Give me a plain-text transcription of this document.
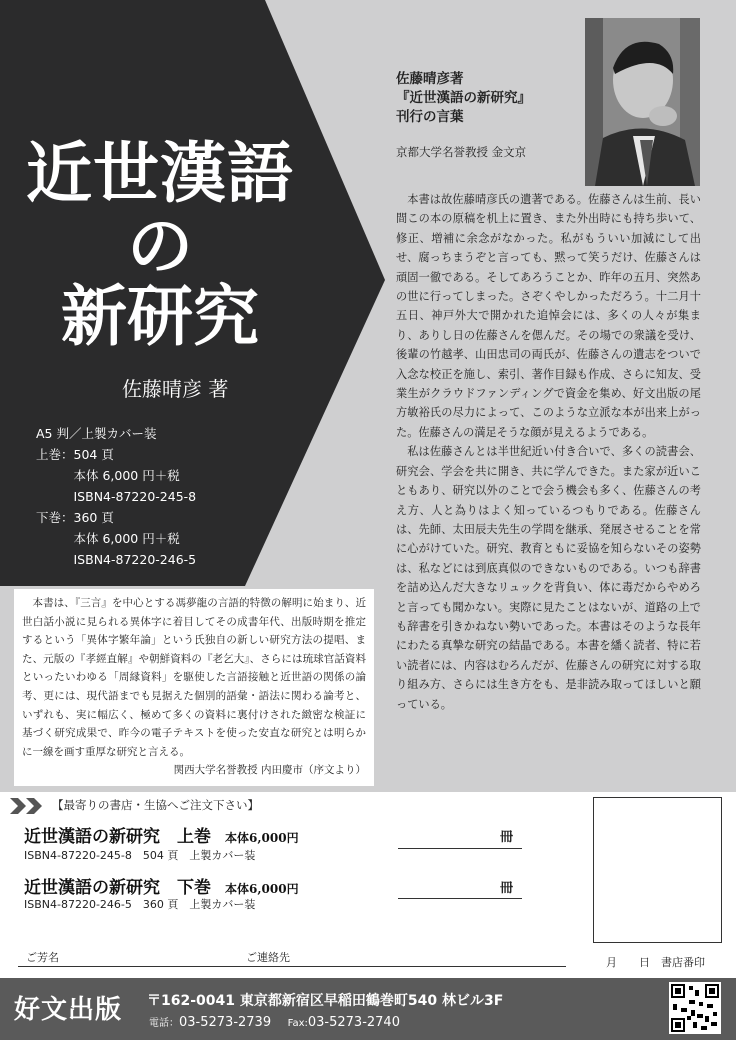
近世漢語
の
新研究
佐藤晴彦 著
A5 判／上製カバー装
上巻：504 頁
　　　本体 6,000 円＋税
　　　ISBN4-87220-245-8
下巻：360 頁
　　　本体 6,000 円＋税
　　　ISBN4-87220-246-5
佐藤晴彦著
『近世漢語の新研究』
刊行の言葉
京都大学名誉教授 金文京

本書は故佐藤晴彦氏の遺著である。佐藤さんは生前、長い間この本の原稿を机上に置き、また外出時にも持ち歩いて、修正、増補に余念がなかった。私がもういい加減にして出せ、腐っちまうぞと言っても、黙って笑うだけ、佐藤さんは頑固一徹である。そしてあろうことか、昨年の五月、突然あの世に行ってしまった。さぞくやしかっただろう。十二月十五日、神戸外大で開かれた追悼会には、多くの人々が集まり、ありし日の佐藤さんを偲んだ。その場での衆議を受け、後輩の竹越孝、山田忠司の両氏が、佐藤さんの遺志をついで入念な校正を施し、索引、著作目録も作成、さらに知友、受業生がクラウドファンディングで資金を集め、好文出版の尾方敏裕氏の尽力によって、このような立派な本が出来上がった。佐藤さんの満足そうな顔が見えるようである。

私は佐藤さんとは半世紀近い付き合いで、多くの読書会、研究会、学会を共に開き、共に学んできた。また家が近いこともあり、研究以外のことで会う機会も多く、佐藤さんの考え方、人と為りはよく知っているつもりである。佐藤さんは、先師、太田辰夫先生の学問を継承、発展させることを常に心がけていた。研究、教育ともに妥協を知らないその姿勢は、私などには到底真似のできないものである。いつも辞書を詰め込んだ大きなリュックを背負い、体に毒だからやめろと言っても聞かない。実際に見たことはないが、道路の上でも辞書を引きかねない勢いであった。本書はそのような長年にわたる真摯な研究の結晶である。本書を繙く読者、特に若い読者には、内容はむろんだが、佐藤さんの研究に対する取り組み方、さらには生き方をも、是非読み取ってほしいと願っている。

本書は、『三言』を中心とする馮夢龍の言語的特徴の解明に始まり、近世白話小説に見られる異体字に着目してその成書年代、出版時期を推定するという「異体字繁年論」という氏独自の新しい研究方法の提唱、また、元版の『孝經直解』や朝鮮資料の『老乞大』、さらには琉球官話資料といったいわゆる「周縁資料」を駆使した言語接触と近世語の関係の論考、更には、現代語までも見据えた個別的語彙・語法に関わる論考と、いずれも、実に幅広く、極めて多くの資料に裏付けされた緻密な検証に基づく研究成果で、昨今の電子テキストを使った安直な研究とは明らかに一線を画す重厚な研究と言える。

関西大学名誉教授 内田慶市（序文より）

【最寄りの書店・生協へご注文下さい】
近世漢語の新研究　上巻 本体6,000円
ISBN4-87220-245-8　504 頁　上製カバー装
冊
近世漢語の新研究　下巻 本体6,000円
ISBN4-87220-246-5　360 頁　上製カバー装
冊
月　　日　書店番印
ご芳名	ご連絡先
好文出版 〒162-0041 東京都新宿区早稲田鶴巻町540 林ビル3F
電話：03-5273-2739 Fax:03-5273-2740
